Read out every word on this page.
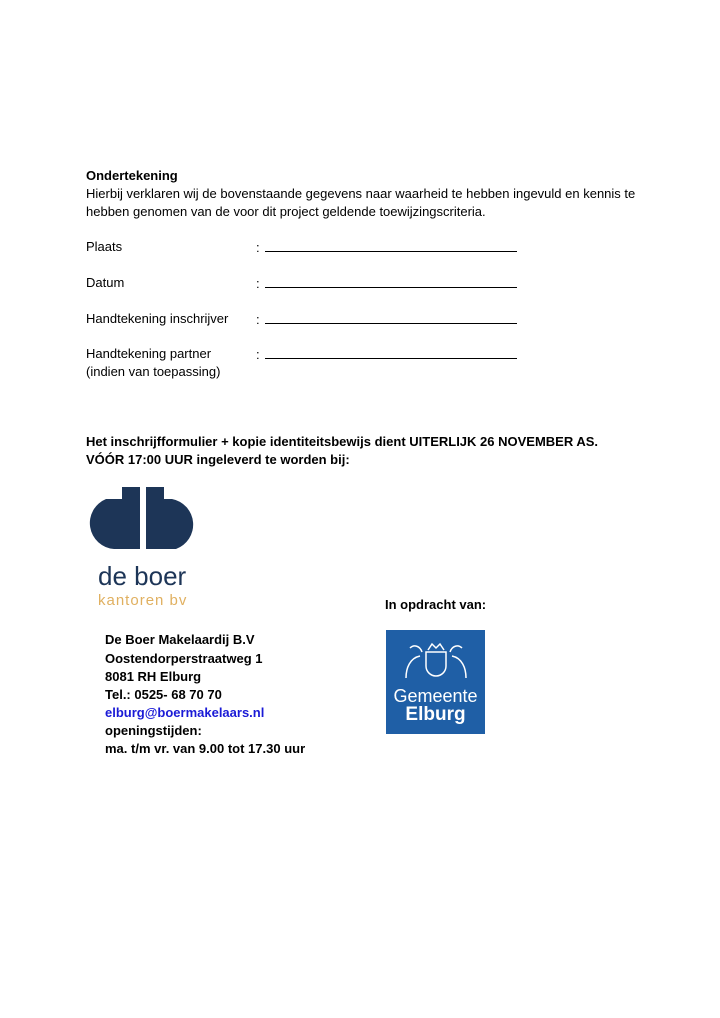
Ondertekening
Hierbij verklaren wij de bovenstaande gegevens naar waarheid te hebben ingevuld en kennis te
hebben genomen van de voor dit project geldende toewijzingscriteria.
Plaats	:
Datum	:
Handtekening inschrijver :
Handtekening partner
(indien van toepassing)
:
Het inschrijfformulier + kopie identiteitsbewijs dient UITERLIJK 26 NOVEMBER AS.
VÓÓR 17:00 UUR ingeleverd te worden bij:
de boer
kantoren bv	In opdracht van:
De Boer Makelaardij B.V
Oostendorperstraatweg 1
8081 RH Elburg
Tel.: 0525- 68 70 70
elburg@boermakelaars.nl
openingstijden:
ma. t/m vr. van 9.00 tot 17.30 uur
Gemeente
Elburg
